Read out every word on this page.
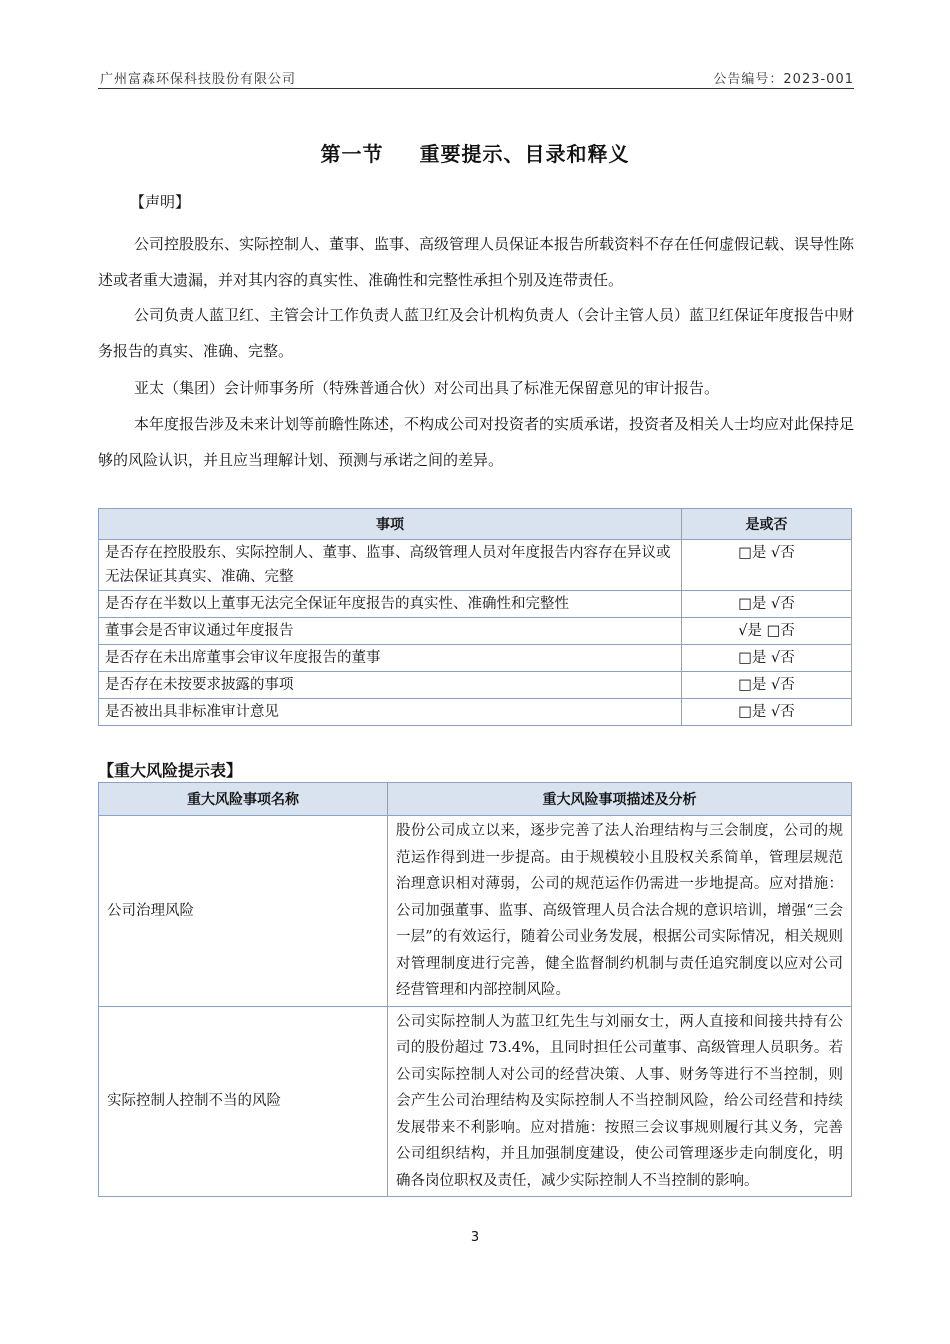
广州富森环保科技股份有限公司	公告编号：2023-001
第一节 重要提示、目录和释义
【声明】
公司控股股东、实际控制人、董事、监事、高级管理人员保证本报告所载资料不存在任何虚假记载、误导性陈述或者重大遗漏，并对其内容的真实性、准确性和完整性承担个别及连带责任。
公司负责人蓝卫红、主管会计工作负责人蓝卫红及会计机构负责人（会计主管人员）蓝卫红保证年度报告中财务报告的真实、准确、完整。
亚太（集团）会计师事务所（特殊普通合伙）对公司出具了标准无保留意见的审计报告。
本年度报告涉及未来计划等前瞻性陈述，不构成公司对投资者的实质承诺，投资者及相关人士均应对此保持足够的风险认识，并且应当理解计划、预测与承诺之间的差异。
事项	是或否
是否存在控股股东、实际控制人、董事、监事、高级管理人员对年度报告内容存在异议或无法保证其真实、准确、完整	□是 √否
是否存在半数以上董事无法完全保证年度报告的真实性、准确性和完整性	□是 √否
董事会是否审议通过年度报告	√是 □否
是否存在未出席董事会审议年度报告的董事	□是 √否
是否存在未按要求披露的事项	□是 √否
是否被出具非标准审计意见	□是 √否
【重大风险提示表】
重大风险事项名称	重大风险事项描述及分析
公司治理风险	股份公司成立以来，逐步完善了法人治理结构与三会制度，公司的规范运作得到进一步提高。由于规模较小且股权关系简单，管理层规范治理意识相对薄弱，公司的规范运作仍需进一步地提高。应对措施：公司加强董事、监事、高级管理人员合法合规的意识培训，增强“三会一层”的有效运行，随着公司业务发展，根据公司实际情况，相关规则对管理制度进行完善，健全监督制约机制与责任追究制度以应对公司经营管理和内部控制风险。
实际控制人控制不当的风险	公司实际控制人为蓝卫红先生与刘丽女士，两人直接和间接共持有公司的股份超过 73.4%，且同时担任公司董事、高级管理人员职务。若公司实际控制人对公司的经营决策、人事、财务等进行不当控制，则会产生公司治理结构及实际控制人不当控制风险，给公司经营和持续发展带来不利影响。应对措施：按照三会议事规则履行其义务，完善公司组织结构，并且加强制度建设，使公司管理逐步走向制度化，明确各岗位职权及责任，减少实际控制人不当控制的影响。
3
